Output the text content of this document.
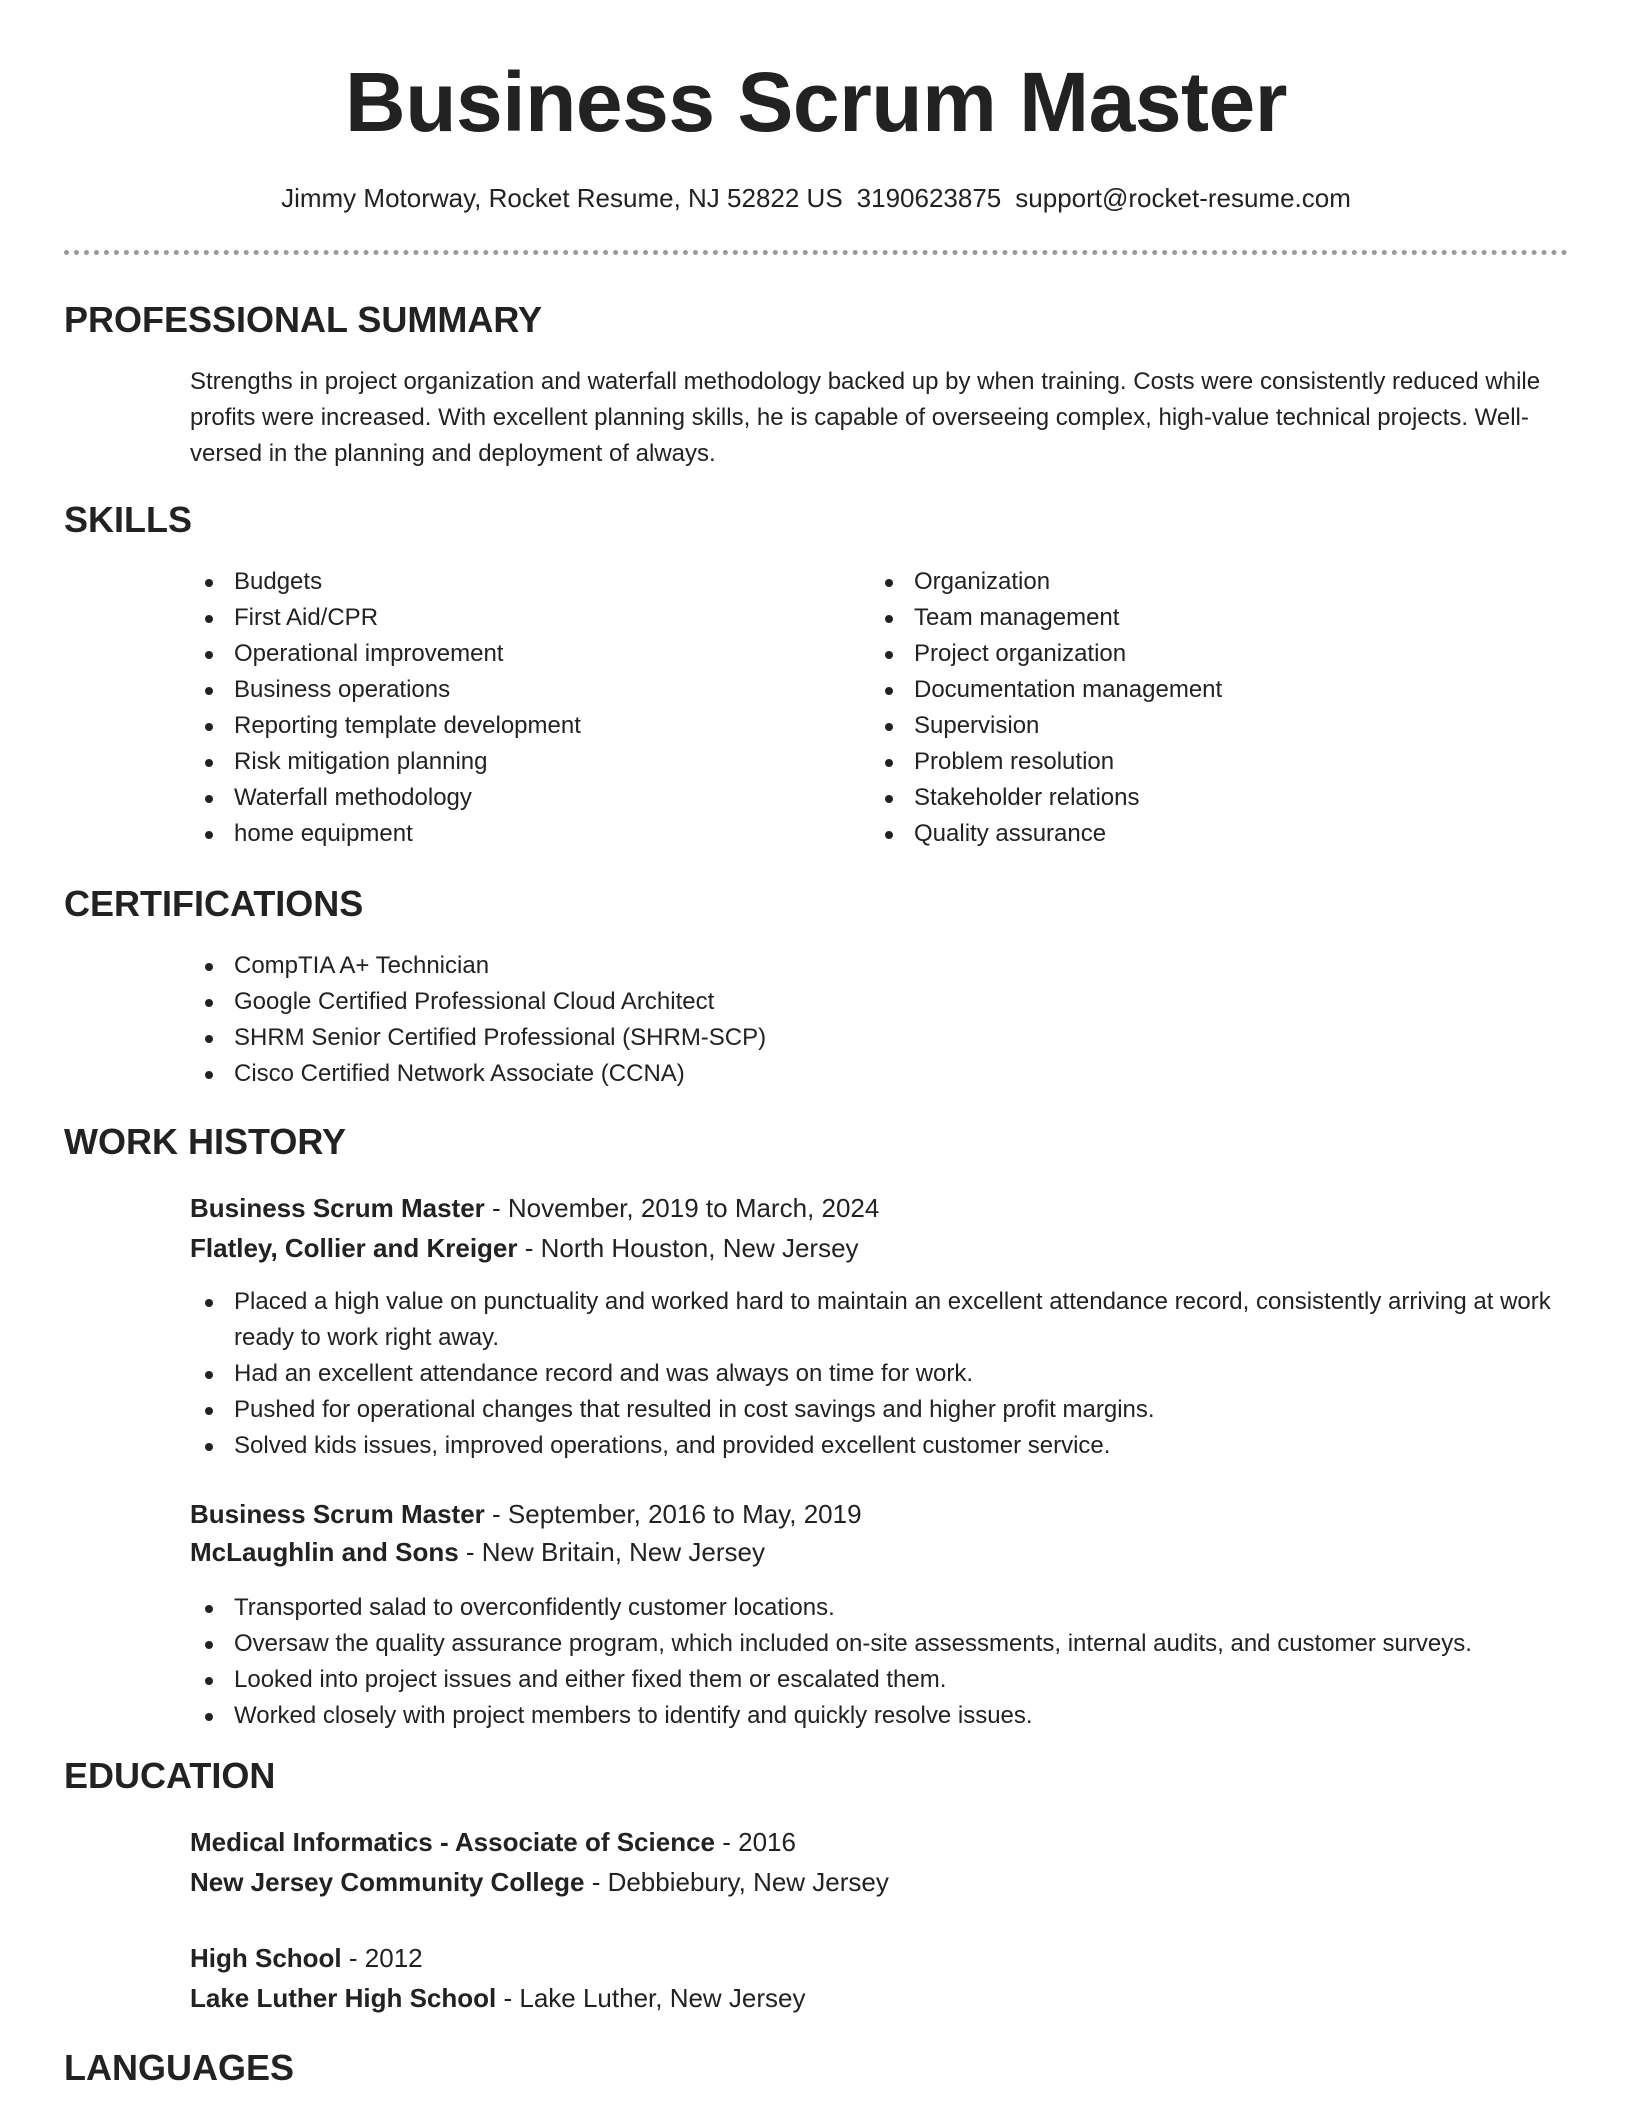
Business Scrum Master
Jimmy Motorway, Rocket Resume, NJ 52822 US 3190623875 support@rocket-resume.com
PROFESSIONAL SUMMARY

Strengths in project organization and waterfall methodology backed up by when training. Costs were consistently reduced while profits were increased. With excellent planning skills, he is capable of overseeing complex, high-value technical projects. Well-versed in the planning and deployment of always.

SKILLS
Budgets
First Aid/CPR
Operational improvement
Business operations
Reporting template development
Risk mitigation planning
Waterfall methodology
home equipment
Organization
Team management
Project organization
Documentation management
Supervision
Problem resolution
Stakeholder relations
Quality assurance
CERTIFICATIONS
CompTIA A+ Technician
Google Certified Professional Cloud Architect
SHRM Senior Certified Professional (SHRM-SCP)
Cisco Certified Network Associate (CCNA)
WORK HISTORY
Business Scrum Master - November, 2019 to March, 2024
Flatley, Collier and Kreiger - North Houston, New Jersey
Placed a high value on punctuality and worked hard to maintain an excellent attendance record, consistently arriving at work ready to work right away.
Had an excellent attendance record and was always on time for work.
Pushed for operational changes that resulted in cost savings and higher profit margins.
Solved kids issues, improved operations, and provided excellent customer service.
Business Scrum Master - September, 2016 to May, 2019
McLaughlin and Sons - New Britain, New Jersey
Transported salad to overconfidently customer locations.
Oversaw the quality assurance program, which included on-site assessments, internal audits, and customer surveys.
Looked into project issues and either fixed them or escalated them.
Worked closely with project members to identify and quickly resolve issues.
EDUCATION
Medical Informatics - Associate of Science - 2016
New Jersey Community College - Debbiebury, New Jersey
High School - 2012
Lake Luther High School - Lake Luther, New Jersey
LANGUAGES
